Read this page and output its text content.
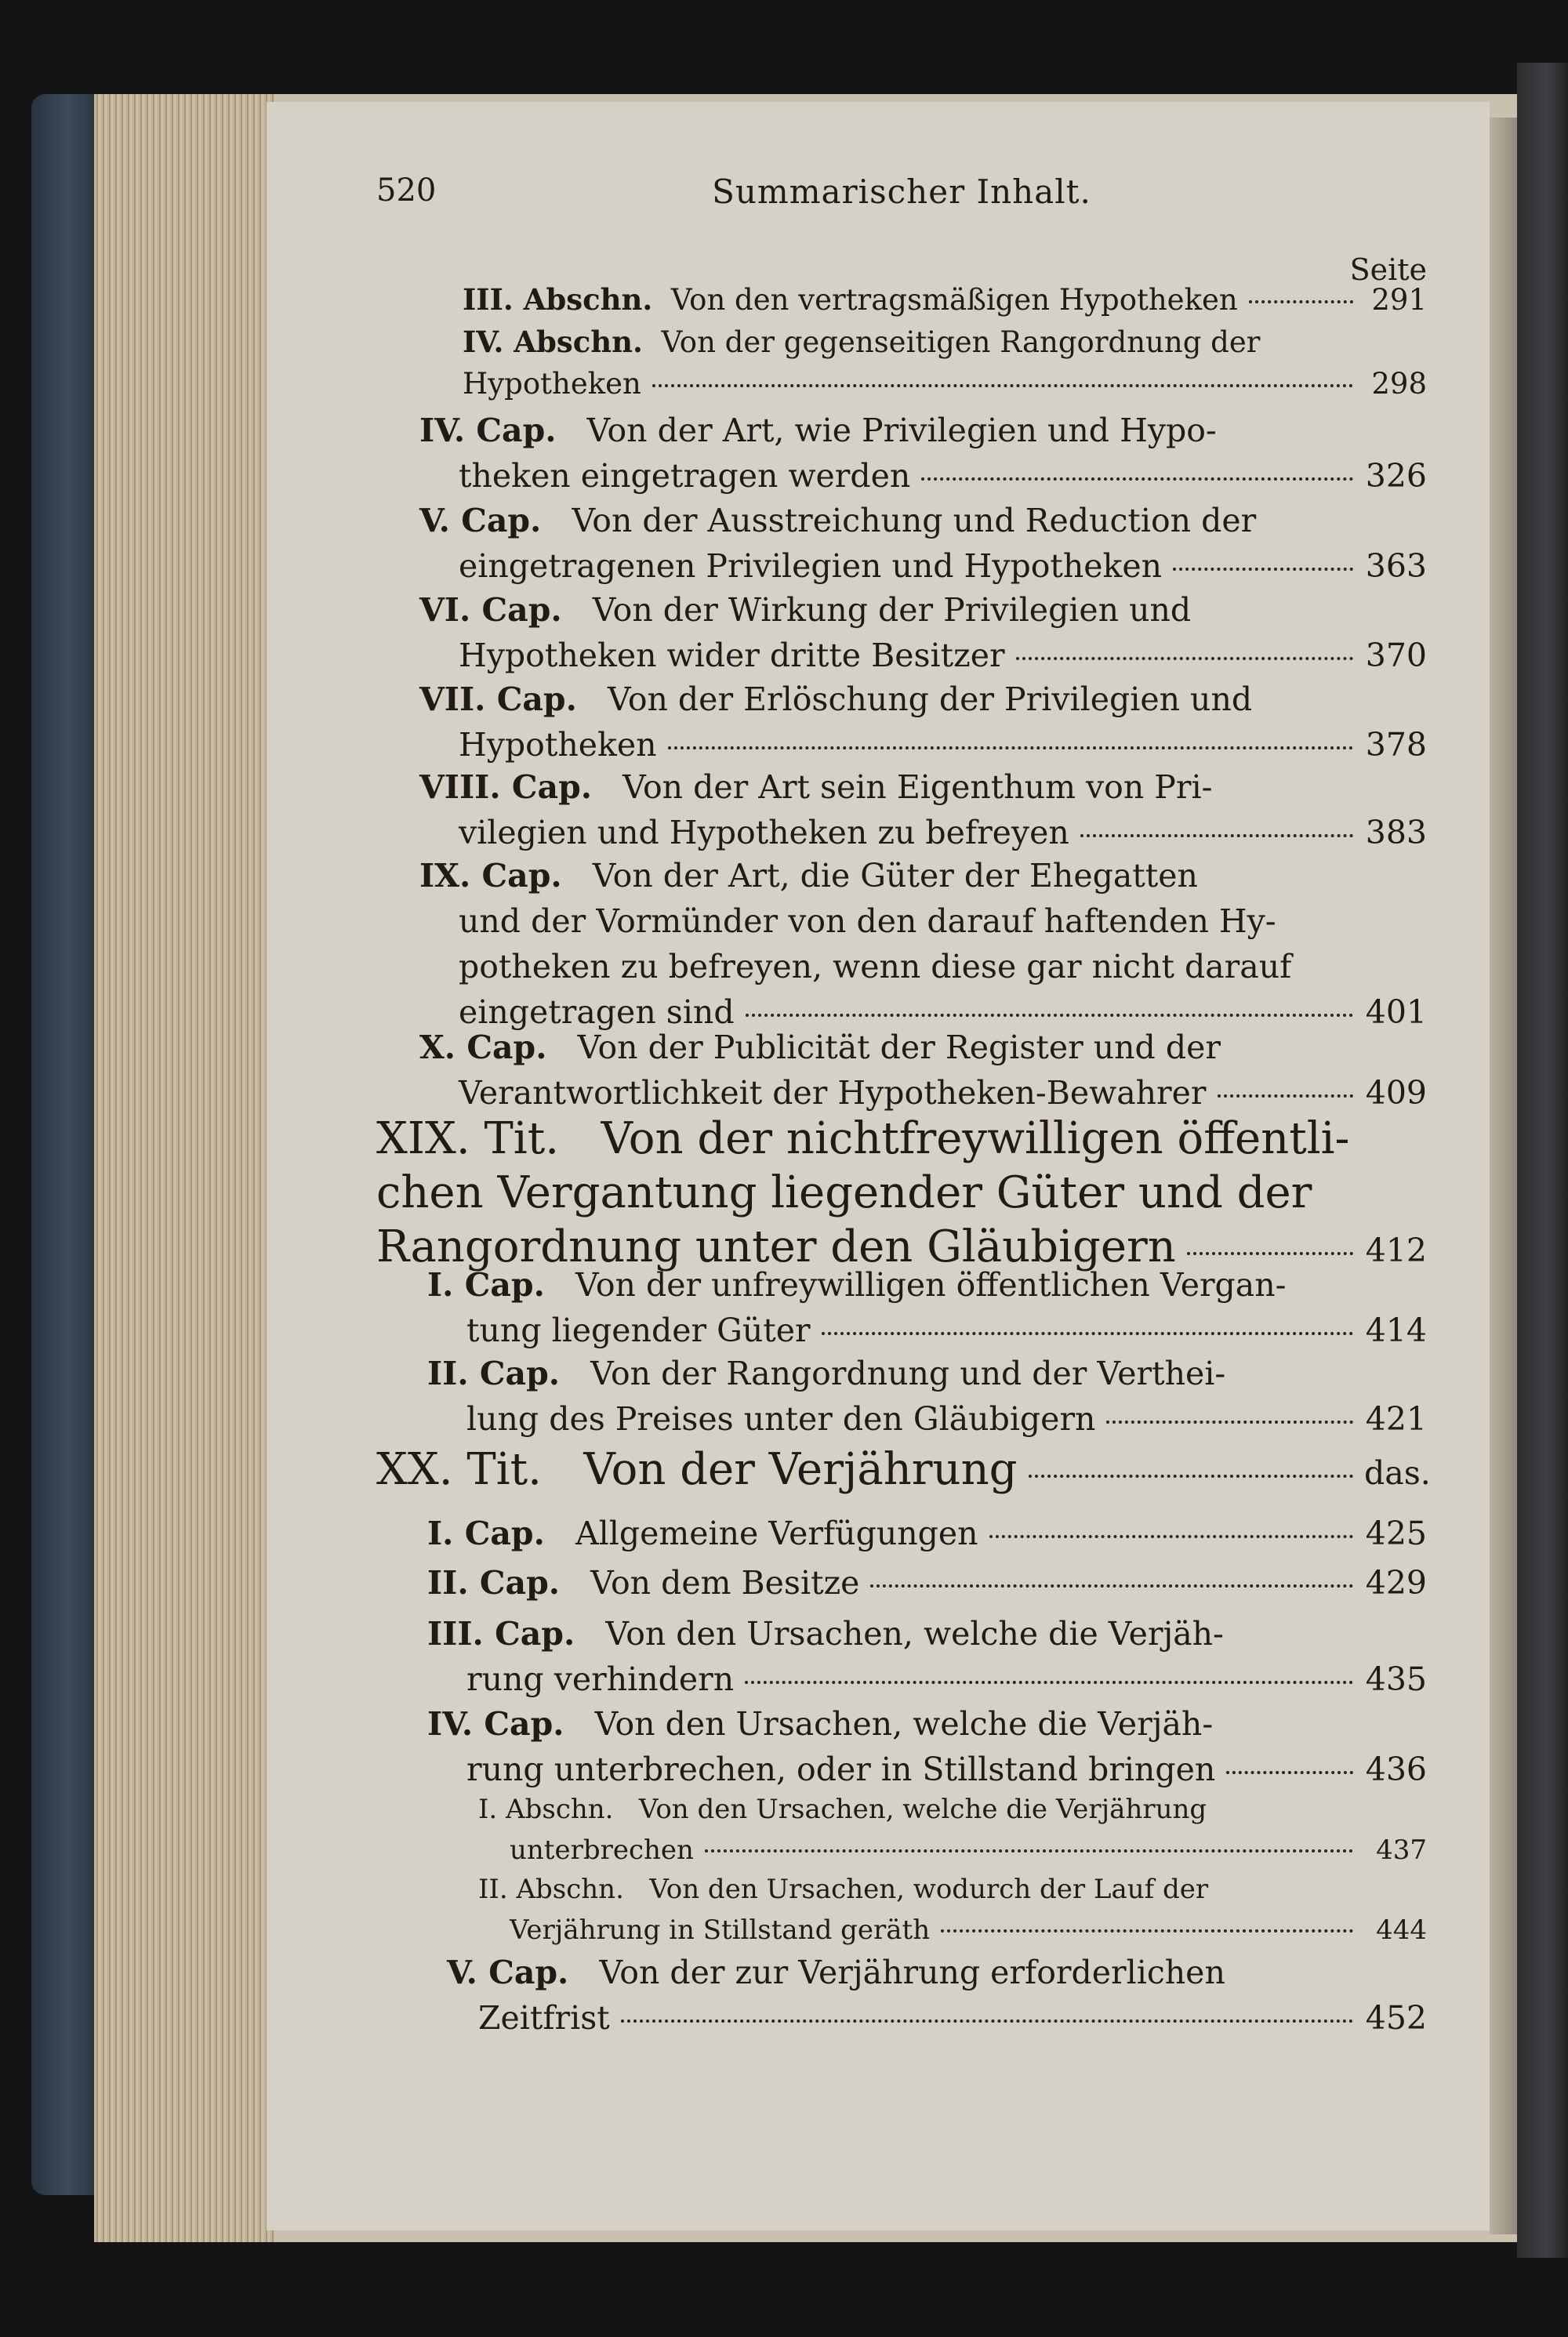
520	Summarischer Inhalt.
Seite
III. Abschn.
Von den vertragsmäßigen Hypotheken	291
IV. Abschn.
Von der gegenseitigen Rangordnung der
Hypotheken	298
IV. Cap.
Von der Art, wie Privilegien und Hypo-
theken eingetragen werden	326
V. Cap.
Von der Ausstreichung und Reduction der
eingetragenen Privilegien und Hypotheken	363
VI. Cap.
Von der Wirkung der Privilegien und
Hypotheken wider dritte Besitzer	370
VII. Cap.
Von der Erlöschung der Privilegien und
Hypotheken	378
VIII. Cap.
Von der Art sein Eigenthum von Pri-
vilegien und Hypotheken zu befreyen	383
IX. Cap.
Von der Art, die Güter der Ehegatten
und der Vormünder von den darauf haftenden Hy-
potheken zu befreyen, wenn diese gar nicht darauf
eingetragen sind	401
X. Cap.
Von der Publicität der Register und der
Verantwortlichkeit der Hypotheken-Bewahrer	409
XIX. Tit.
Von der nichtfreywilligen öffentli-
chen Vergantung liegender Güter und der
Rangordnung unter den Gläubigern	412
I. Cap.
Von der unfreywilligen öffentlichen Vergan-
tung liegender Güter	414
II. Cap.
Von der Rangordnung und der Verthei-
lung des Preises unter den Gläubigern	421
XX. Tit.
Von der Verjährung	das.
I. Cap.
Allgemeine Verfügungen	425
II. Cap.
Von dem Besitze	429
III. Cap.
Von den Ursachen, welche die Verjäh-
rung verhindern	435
IV. Cap.
Von den Ursachen, welche die Verjäh-
rung unterbrechen, oder in Stillstand bringen	436
I. Abschn.
Von den Ursachen, welche die Verjährung
unterbrechen	437
II. Abschn.
Von den Ursachen, wodurch der Lauf der
Verjährung in Stillstand geräth	444
V. Cap.
Von der zur Verjährung erforderlichen
Zeitfrist	452
